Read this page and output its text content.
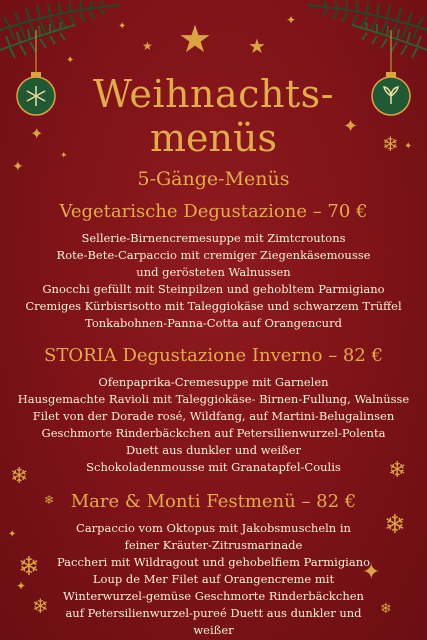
★ ★
★
✦	✦
✦
✦
✦
✦
✦
✦
✦
✦
✦
❄
❄	❄
❄
❄
❄
❄
❄
Weihnachts-
menüs
5-Gänge-Menüs
Vegetarische Degustazione – 70 €
Sellerie-Birnencremesuppe mit Zimtcroutons
Rote-Bete-Carpaccio mit cremiger Ziegenkäsemousse und gerösteten Walnussen
Gnocchi gefüllt mit Steinpilzen und gehobltem Parmigiano
Cremiges Kürbisrisotto mit Taleggiokäse und schwarzem Trüffel
Tonkabohnen-Panna-Cotta auf Orangencurd
STORIA Degustazione Inverno – 82 €
Ofenpaprika-Cremesuppe mit Garnelen
Hausgemachte Ravioli mit Taleggiokäse- Birnen-Fullung, Walnüsse
Filet von der Dorade rosé, Wildfang, auf Martini-Belugalinsen
Geschmorte Rinderbäckchen auf Petersilienwurzel-Polenta
Duett aus dunkler und weißer
Schokoladenmousse mit Granatapfel-Coulis
Mare & Monti Festmenü – 82 €
Carpaccio vom Oktopus mit Jakobsmuscheln in feiner Kräuter-Zitrusmarinade
Paccheri mit Wildragout und gehobelfiem Parmigiano
Loup de Mer Filet auf Orangencreme mit Winterwurzel-gemüse Geschmorte Rinderbäckchen auf Petersilienwurzel-pureé Duett aus dunkler und weißer
